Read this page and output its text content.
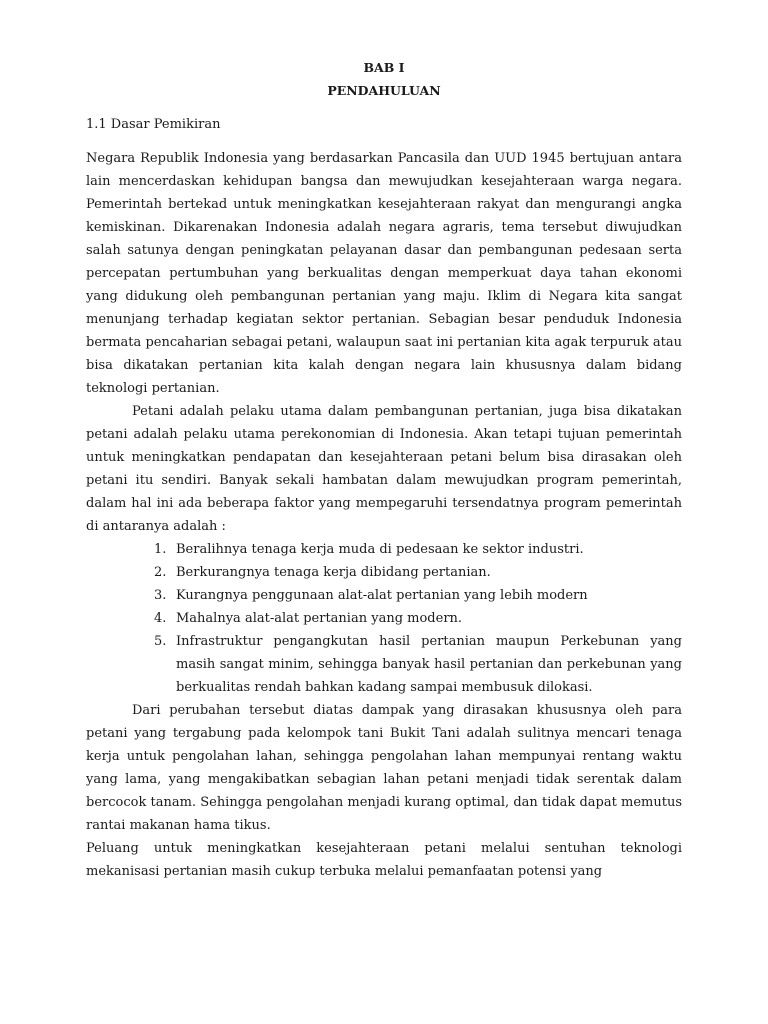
BAB I
PENDAHULUAN
1.1 Dasar Pemikiran

Negara Republik Indonesia yang berdasarkan Pancasila dan UUD 1945 bertujuan antara lain mencerdaskan kehidupan bangsa dan mewujudkan kesejahteraan warga negara. Pemerintah bertekad untuk meningkatkan kesejahteraan rakyat dan mengurangi angka kemiskinan. Dikarenakan Indonesia adalah negara agraris, tema tersebut diwujudkan salah satunya dengan peningkatan pelayanan dasar dan pembangunan pedesaan serta percepatan pertumbuhan yang berkualitas dengan memperkuat daya tahan ekonomi yang didukung oleh pembangunan pertanian yang maju. Iklim di Negara kita sangat menunjang terhadap kegiatan sektor pertanian. Sebagian besar penduduk Indonesia bermata pencaharian sebagai petani, walaupun saat ini pertanian kita agak terpuruk atau bisa dikatakan pertanian kita kalah dengan negara lain khususnya dalam bidang teknologi pertanian.

Petani adalah pelaku utama dalam pembangunan pertanian, juga bisa dikatakan petani adalah pelaku utama perekonomian di Indonesia. Akan tetapi tujuan pemerintah untuk meningkatkan pendapatan dan kesejahteraan petani belum bisa dirasakan oleh petani itu sendiri. Banyak sekali hambatan dalam mewujudkan program pemerintah, dalam hal ini ada beberapa faktor yang mempegaruhi tersendatnya program pemerintah di antaranya adalah :

1. Beralihnya tenaga kerja muda di pedesaan ke sektor industri.
2. Berkurangnya tenaga kerja dibidang pertanian.
3. Kurangnya penggunaan alat-alat pertanian yang lebih modern
4. Mahalnya alat-alat pertanian yang modern.
5. Infrastruktur pengangkutan hasil pertanian maupun Perkebunan yang masih sangat minim, sehingga banyak hasil pertanian dan perkebunan yang berkualitas rendah bahkan kadang sampai membusuk dilokasi.

Dari perubahan tersebut diatas dampak yang dirasakan khususnya oleh para petani yang tergabung pada kelompok tani Bukit Tani adalah sulitnya mencari tenaga kerja untuk pengolahan lahan, sehingga pengolahan lahan mempunyai rentang waktu yang lama, yang mengakibatkan sebagian lahan petani menjadi tidak serentak dalam bercocok tanam. Sehingga pengolahan menjadi kurang optimal, dan tidak dapat memutus rantai makanan hama tikus.

Peluang untuk meningkatkan kesejahteraan petani melalui sentuhan teknologi mekanisasi pertanian masih cukup terbuka melalui pemanfaatan potensi yang
